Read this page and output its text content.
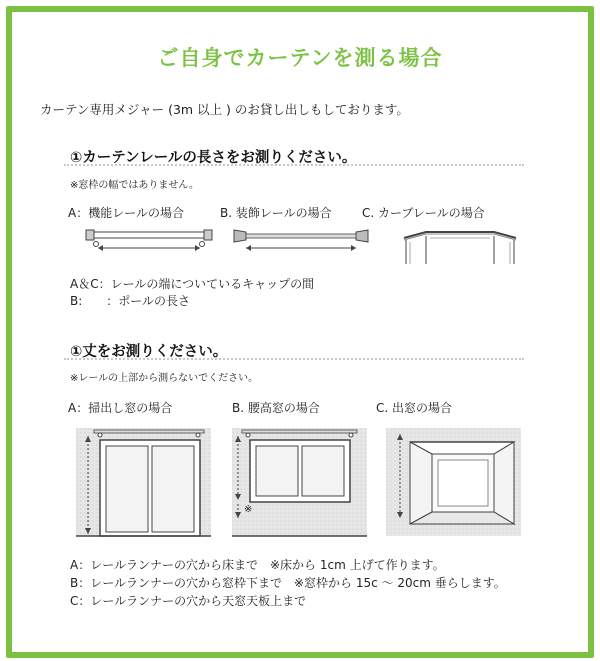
ご自身でカーテンを測る場合
カーテン専用メジャー (3m 以上 ) のお貸し出しもしております。
①カーテンレールの長さをお測りください。
※窓枠の幅ではありません。
A：機能レールの場合	B. 装飾レールの場合	C. カーブレールの場合
A＆C：レールの端についているキャップの間
B:　　：ポールの長さ
①丈をお測りください。
※レールの上部から測らないでください。
A：掃出し窓の場合	B. 腰高窓の場合	C. 出窓の場合
※
A：レールランナーの穴から床まで　※床から 1cm 上げて作ります。
B：レールランナーの穴から窓枠下まで　※窓枠から 15c ～ 20cm 垂らします。
C：レールランナーの穴から天窓天板上まで
